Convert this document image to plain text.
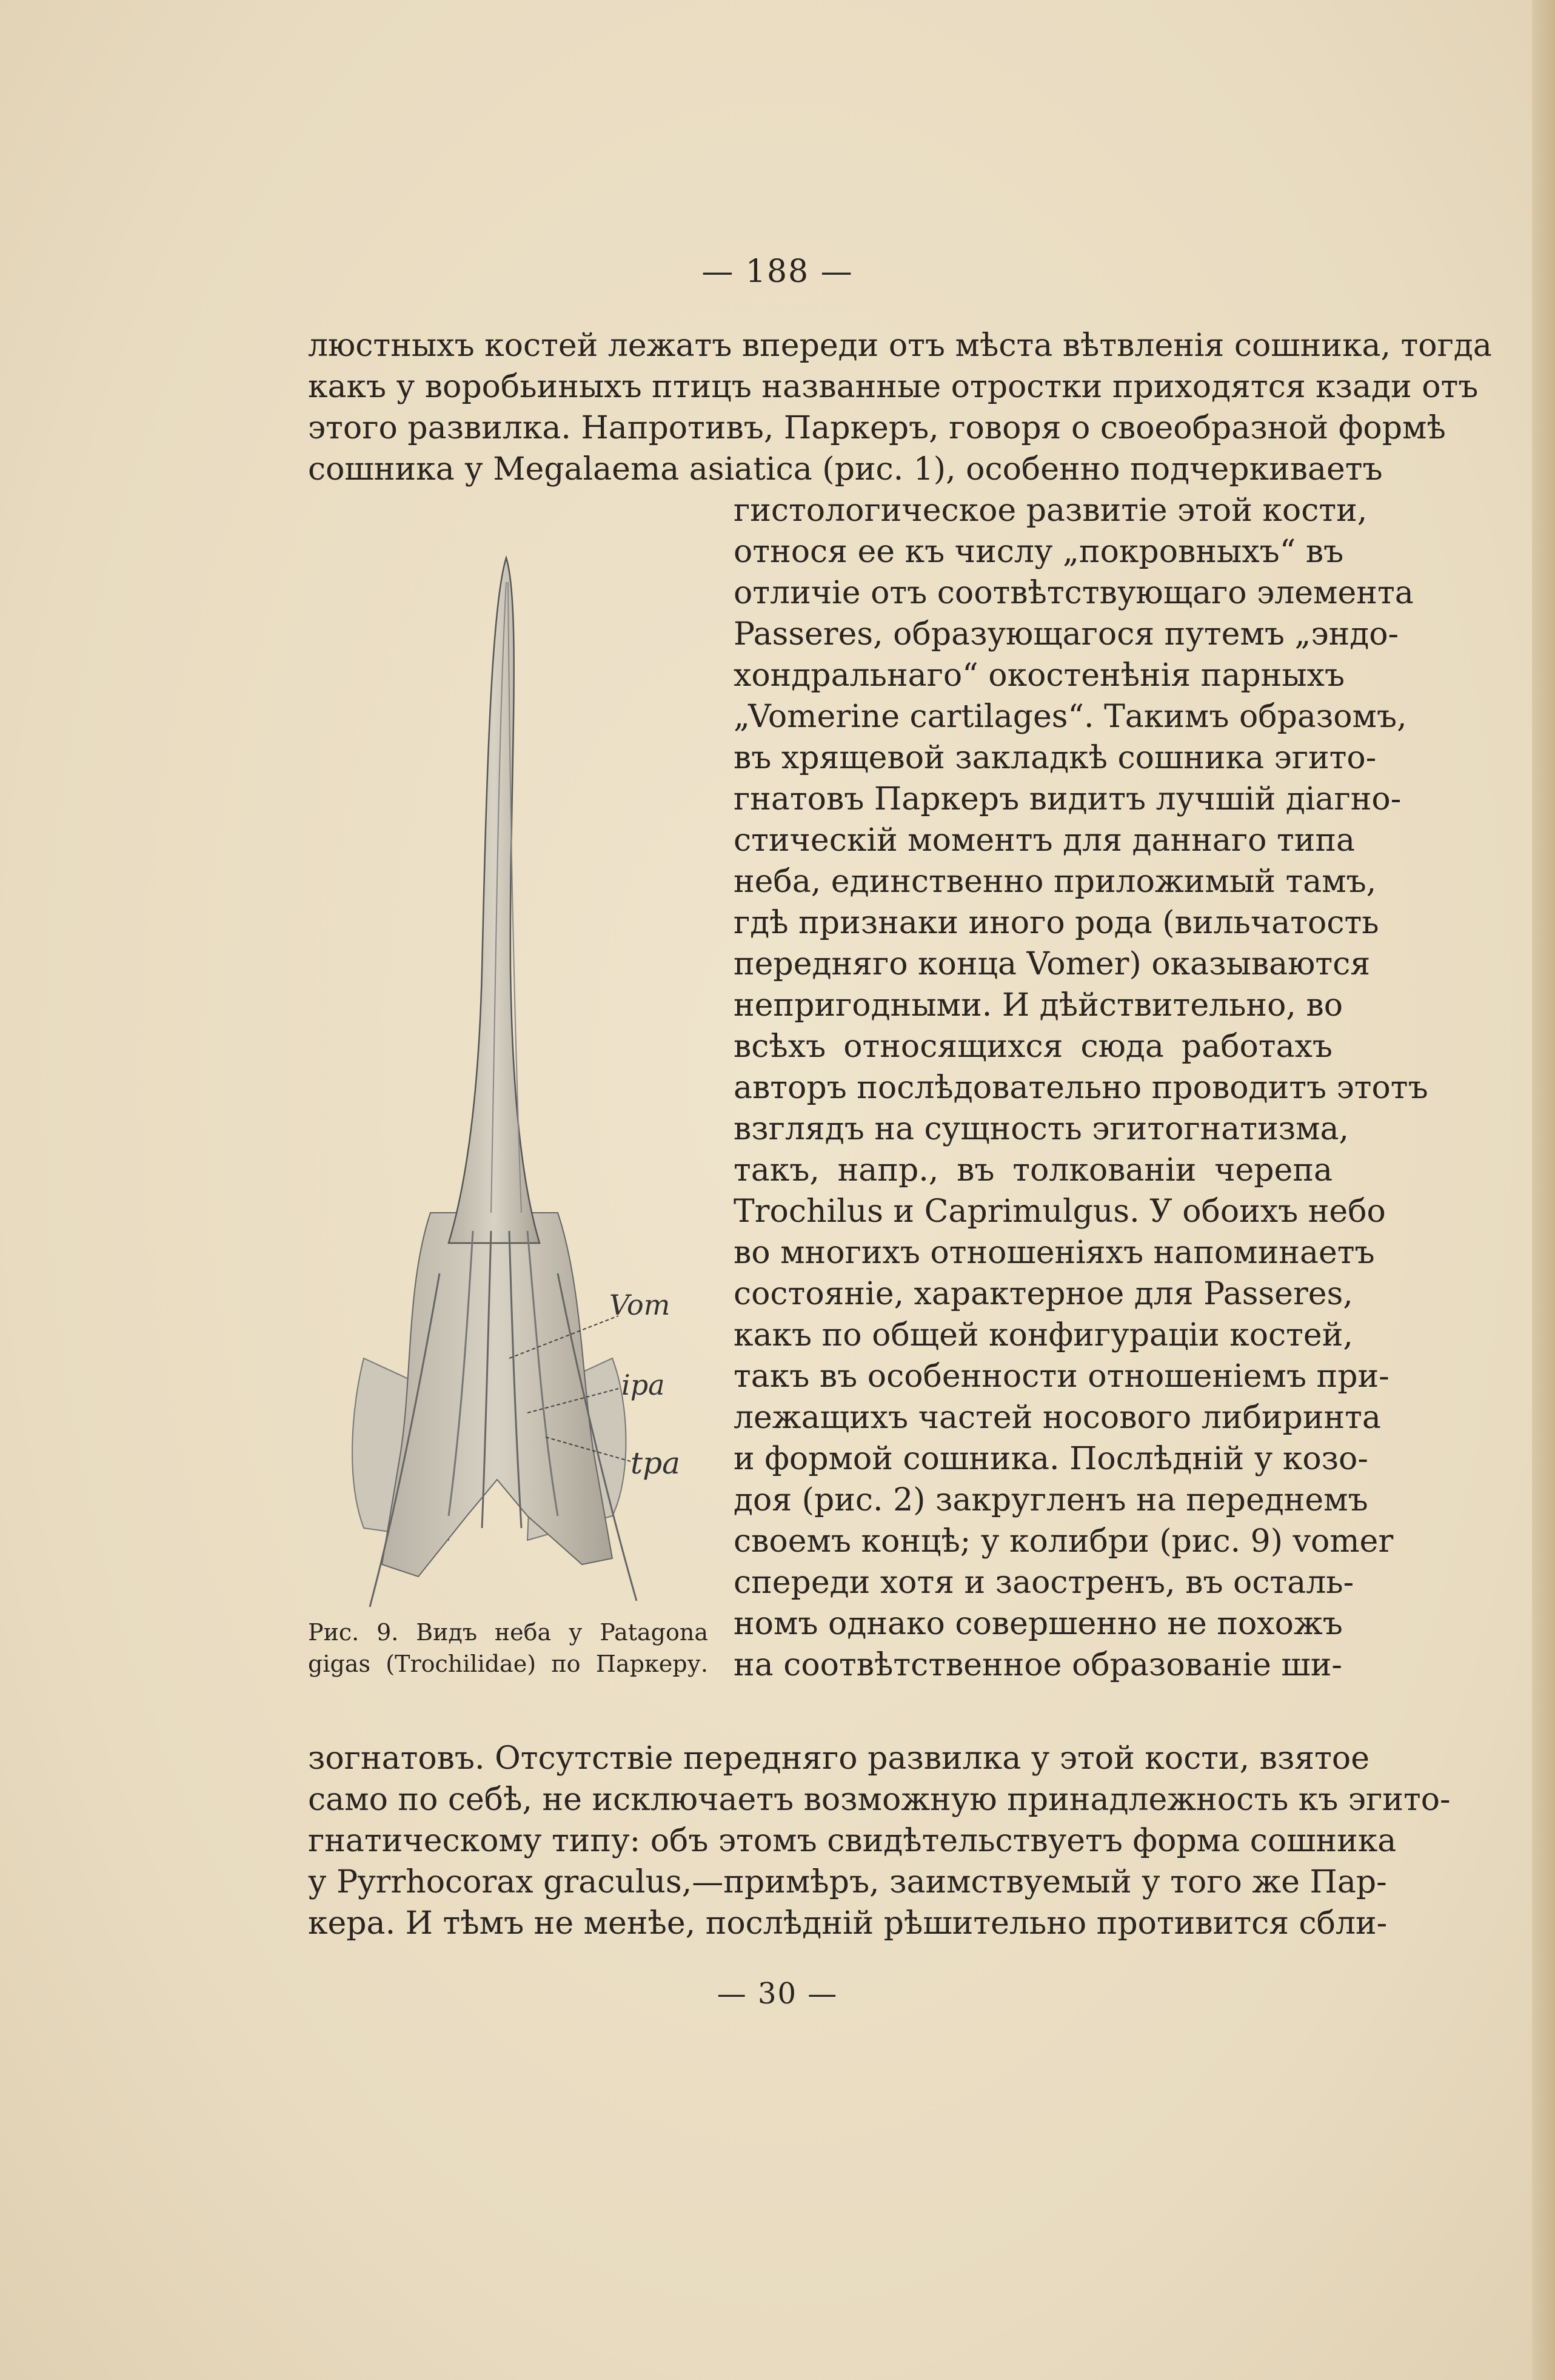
— 188 —
люстныхъ костей лежатъ впереди отъ мѣста вѣтвленія сошника, тогда
какъ у воробьиныхъ птицъ названные отростки приходятся кзади отъ
этого развилка. Напротивъ, Паркеръ, говоря о своеобразной формѣ
сошника у Megalaema asiatica (рис. 1), особенно подчеркиваетъ
гистологическое развитіе этой кости,
относя ее къ числу „покровныхъ“ въ
отличіе отъ соотвѣтствующаго элемента
Passeres, образующагося путемъ „эндо-
хондральнаго“ окостенѣнія парныхъ
„Vomerine cartilages“. Такимъ образомъ,
въ хрящевой закладкѣ сошника эгито-
гнатовъ Паркеръ видитъ лучшій діагно-
стическій моментъ для даннаго типа
неба, единственно приложимый тамъ,
гдѣ признаки иного рода (вильчатость
передняго конца Vomer) оказываются
непригодными. И дѣйствительно, во
всѣхъ относящихся сюда работахъ
авторъ послѣдовательно проводитъ этотъ
взглядъ на сущность эгитогнатизма,
такъ, напр., въ толкованіи черепа
Trochilus и Caprimulgus. У обоихъ небо
во многихъ отношеніяхъ напоминаетъ
состояніе, характерное для Passeres,
какъ по общей конфигураціи костей,
такъ въ особенности отношеніемъ при-
лежащихъ частей носового либиринта
и формой сошника. Послѣдній у козо-
доя (рис. 2) закругленъ на переднемъ
своемъ концѣ; у колибри (рис. 9) vomer
спереди хотя и заостренъ, въ осталь-
номъ однако совершенно не похожъ
на соотвѣтственное образованіе ши-
Vom
ipa
tpa
Рис. 9. Видъ неба у Patagona
gigas (Trochilidae) по Паркеру.
зогнатовъ. Отсутствіе передняго развилка у этой кости, взятое
само по себѣ, не исключаетъ возможную принадлежность къ эгито-
гнатическому типу: объ этомъ свидѣтельствуетъ форма сошника
у Pyrrhocorax graculus,—примѣръ, заимствуемый у того же Пар-
кера. И тѣмъ не менѣе, послѣдній рѣшительно противится сбли-
— 30 —
